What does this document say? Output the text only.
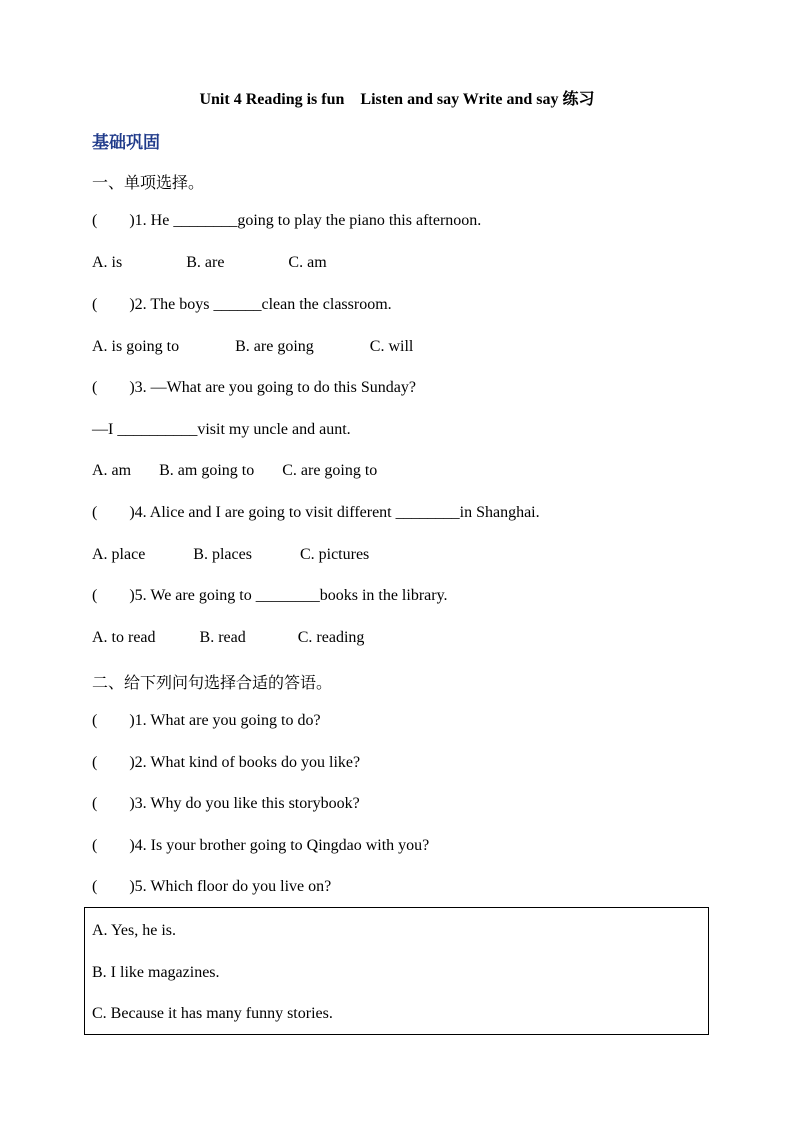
Unit 4 Reading is fun    Listen and say Write and say 练习
基础巩固
一、单项选择。
(        )1. He ________going to play the piano this afternoon.
A. is                B. are                C. am
(        )2. The boys ______clean the classroom.
A. is going to              B. are going              C. will
(        )3. —What are you going to do this Sunday?
—I __________visit my uncle and aunt.
A. am       B. am going to       C. are going to
(        )4. Alice and I are going to visit different ________in Shanghai.
A. place            B. places            C. pictures
(        )5. We are going to ________books in the library.
A. to read           B. read             C. reading
二、给下列问句选择合适的答语。
(        )1. What are you going to do?
(        )2. What kind of books do you like?
(        )3. Why do you like this storybook?
(        )4. Is your brother going to Qingdao with you?
(        )5. Which floor do you live on?
A. Yes, he is.
B. I like magazines.
C. Because it has many funny stories.
